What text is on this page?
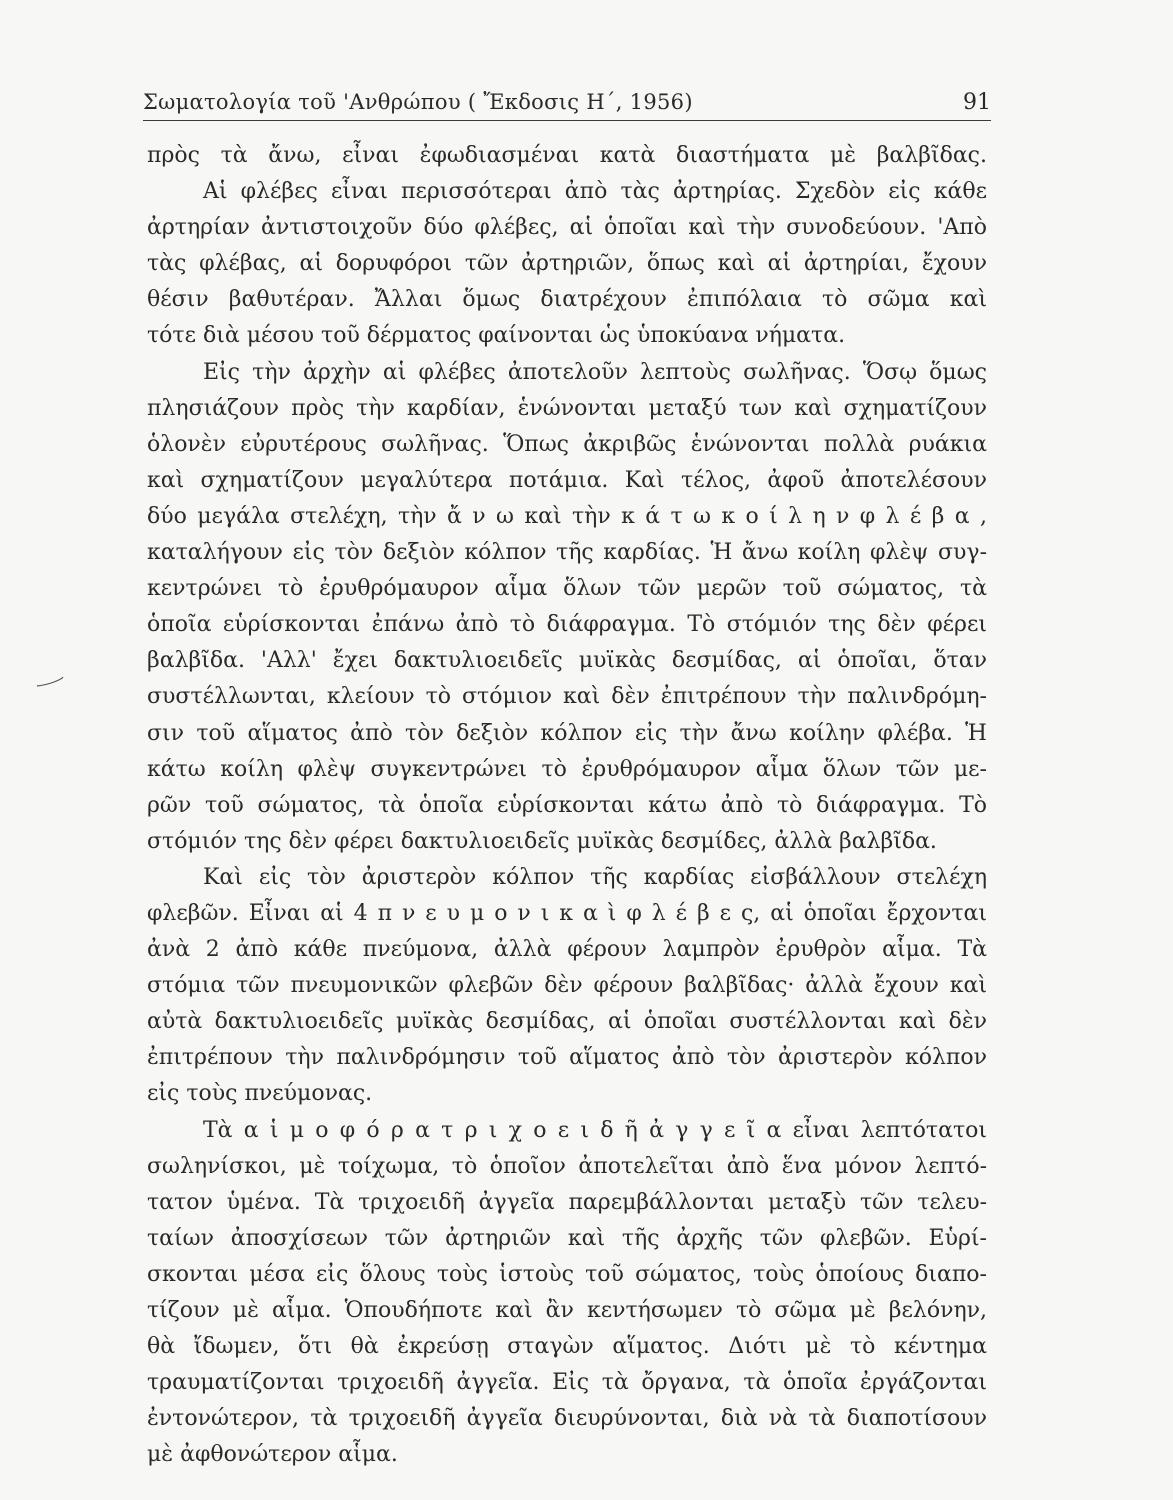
Σωματολογία τοῦ 'Ανθρώπου ( Ἔκδοσις Η΄, 1956)	91
πρὸς τὰ ἄνω, εἶναι ἐφωδιασμέναι κατὰ διαστήματα μὲ βαλβῖδας.
Αἱ φλέβες εἶναι περισσότεραι ἀπὸ τὰς ἀρτηρίας. Σχεδὸν εἰς κάθε
ἀρτηρίαν ἀντιστοιχοῦν δύο φλέβες, αἱ ὁποῖαι καὶ τὴν συνοδεύουν. 'Απὸ
τὰς φλέβας, αἱ δορυφόροι τῶν ἀρτηριῶν, ὅπως καὶ αἱ ἀρτηρίαι, ἔχουν
θέσιν βαθυτέραν. Ἄλλαι ὅμως διατρέχουν ἐπιπόλαια τὸ σῶμα καὶ
τότε διὰ μέσου τοῦ δέρματος φαίνονται ὡς ὑποκύανα νήματα.
Εἰς τὴν ἀρχὴν αἱ φλέβες ἀποτελοῦν λεπτοὺς σωλῆνας. Ὅσῳ ὅμως
πλησιάζουν πρὸς τὴν καρδίαν, ἑνώνονται μεταξύ των καὶ σχηματίζουν
ὁλονὲν εὐρυτέρους σωλῆνας. Ὅπως ἀκριβῶς ἑνώνονται πολλὰ ρυάκια
καὶ σχηματίζουν μεγαλύτερα ποτάμια. Καὶ τέλος, ἀφοῦ ἀποτελέσουν
δύο μεγάλα στελέχη, τὴν ἄ ν ω καὶ τὴν κ ά τ ω κ ο ί λ η ν φ λ έ β α ,
καταλήγουν εἰς τὸν δεξιὸν κόλπον τῆς καρδίας. Ἡ ἄνω κοίλη φλὲψ συγ-
κεντρώνει τὸ ἐρυθρόμαυρον αἷμα ὅλων τῶν μερῶν τοῦ σώματος, τὰ
ὁποῖα εὑρίσκονται ἐπάνω ἀπὸ τὸ διάφραγμα. Τὸ στόμιόν της δὲν φέρει
βαλβῖδα. 'Αλλ' ἔχει δακτυλιοειδεῖς μυϊκὰς δεσμίδας, αἱ ὁποῖαι, ὅταν
συστέλλωνται, κλείουν τὸ στόμιον καὶ δὲν ἐπιτρέπουν τὴν παλινδρόμη-
σιν τοῦ αἵματος ἀπὸ τὸν δεξιὸν κόλπον εἰς τὴν ἄνω κοίλην φλέβα. Ἡ
κάτω κοίλη φλὲψ συγκεντρώνει τὸ ἐρυθρόμαυρον αἷμα ὅλων τῶν με-
ρῶν τοῦ σώματος, τὰ ὁποῖα εὑρίσκονται κάτω ἀπὸ τὸ διάφραγμα. Τὸ
στόμιόν της δὲν φέρει δακτυλιοειδεῖς μυϊκὰς δεσμίδες, ἀλλὰ βαλβῖδα.
Καὶ εἰς τὸν ἀριστερὸν κόλπον τῆς καρδίας εἰσβάλλουν στελέχη
φλεβῶν. Εἶναι αἱ 4 π ν ε υ μ ο ν ι κ α ὶ φ λ έ β ε ς, αἱ ὁποῖαι ἔρχονται
ἀνὰ 2 ἀπὸ κάθε πνεύμονα, ἀλλὰ φέρουν λαμπρὸν ἐρυθρὸν αἷμα. Τὰ
στόμια τῶν πνευμονικῶν φλεβῶν δὲν φέρουν βαλβῖδας· ἀλλὰ ἔχουν καὶ
αὐτὰ δακτυλιοειδεῖς μυϊκὰς δεσμίδας, αἱ ὁποῖαι συστέλλονται καὶ δὲν
ἐπιτρέπουν τὴν παλινδρόμησιν τοῦ αἵματος ἀπὸ τὸν ἀριστερὸν κόλπον
εἰς τοὺς πνεύμονας.
Τὰ α ἱ μ ο φ ό ρ α τ ρ ι χ ο ε ι δ ῆ ἀ γ γ ε ῖ α εἶναι λεπτότατοι
σωληνίσκοι, μὲ τοίχωμα, τὸ ὁποῖον ἀποτελεῖται ἀπὸ ἕνα μόνον λεπτό-
τατον ὑμένα. Τὰ τριχοειδῆ ἀγγεῖα παρεμβάλλονται μεταξὺ τῶν τελευ-
ταίων ἀποσχίσεων τῶν ἀρτηριῶν καὶ τῆς ἀρχῆς τῶν φλεβῶν. Εὑρί-
σκονται μέσα εἰς ὅλους τοὺς ἱστοὺς τοῦ σώματος, τοὺς ὁποίους διαπο-
τίζουν μὲ αἷμα. Ὁπουδήποτε καὶ ἂν κεντήσωμεν τὸ σῶμα μὲ βελόνην,
θὰ ἴδωμεν, ὅτι θὰ ἐκρεύσῃ σταγὼν αἵματος. Διότι μὲ τὸ κέντημα
τραυματίζονται τριχοειδῆ ἀγγεῖα. Εἰς τὰ ὄργανα, τὰ ὁποῖα ἐργάζονται
ἐντονώτερον, τὰ τριχοειδῆ ἀγγεῖα διευρύνονται, διὰ νὰ τὰ διαποτίσουν
μὲ ἀφθονώτερον αἷμα.
